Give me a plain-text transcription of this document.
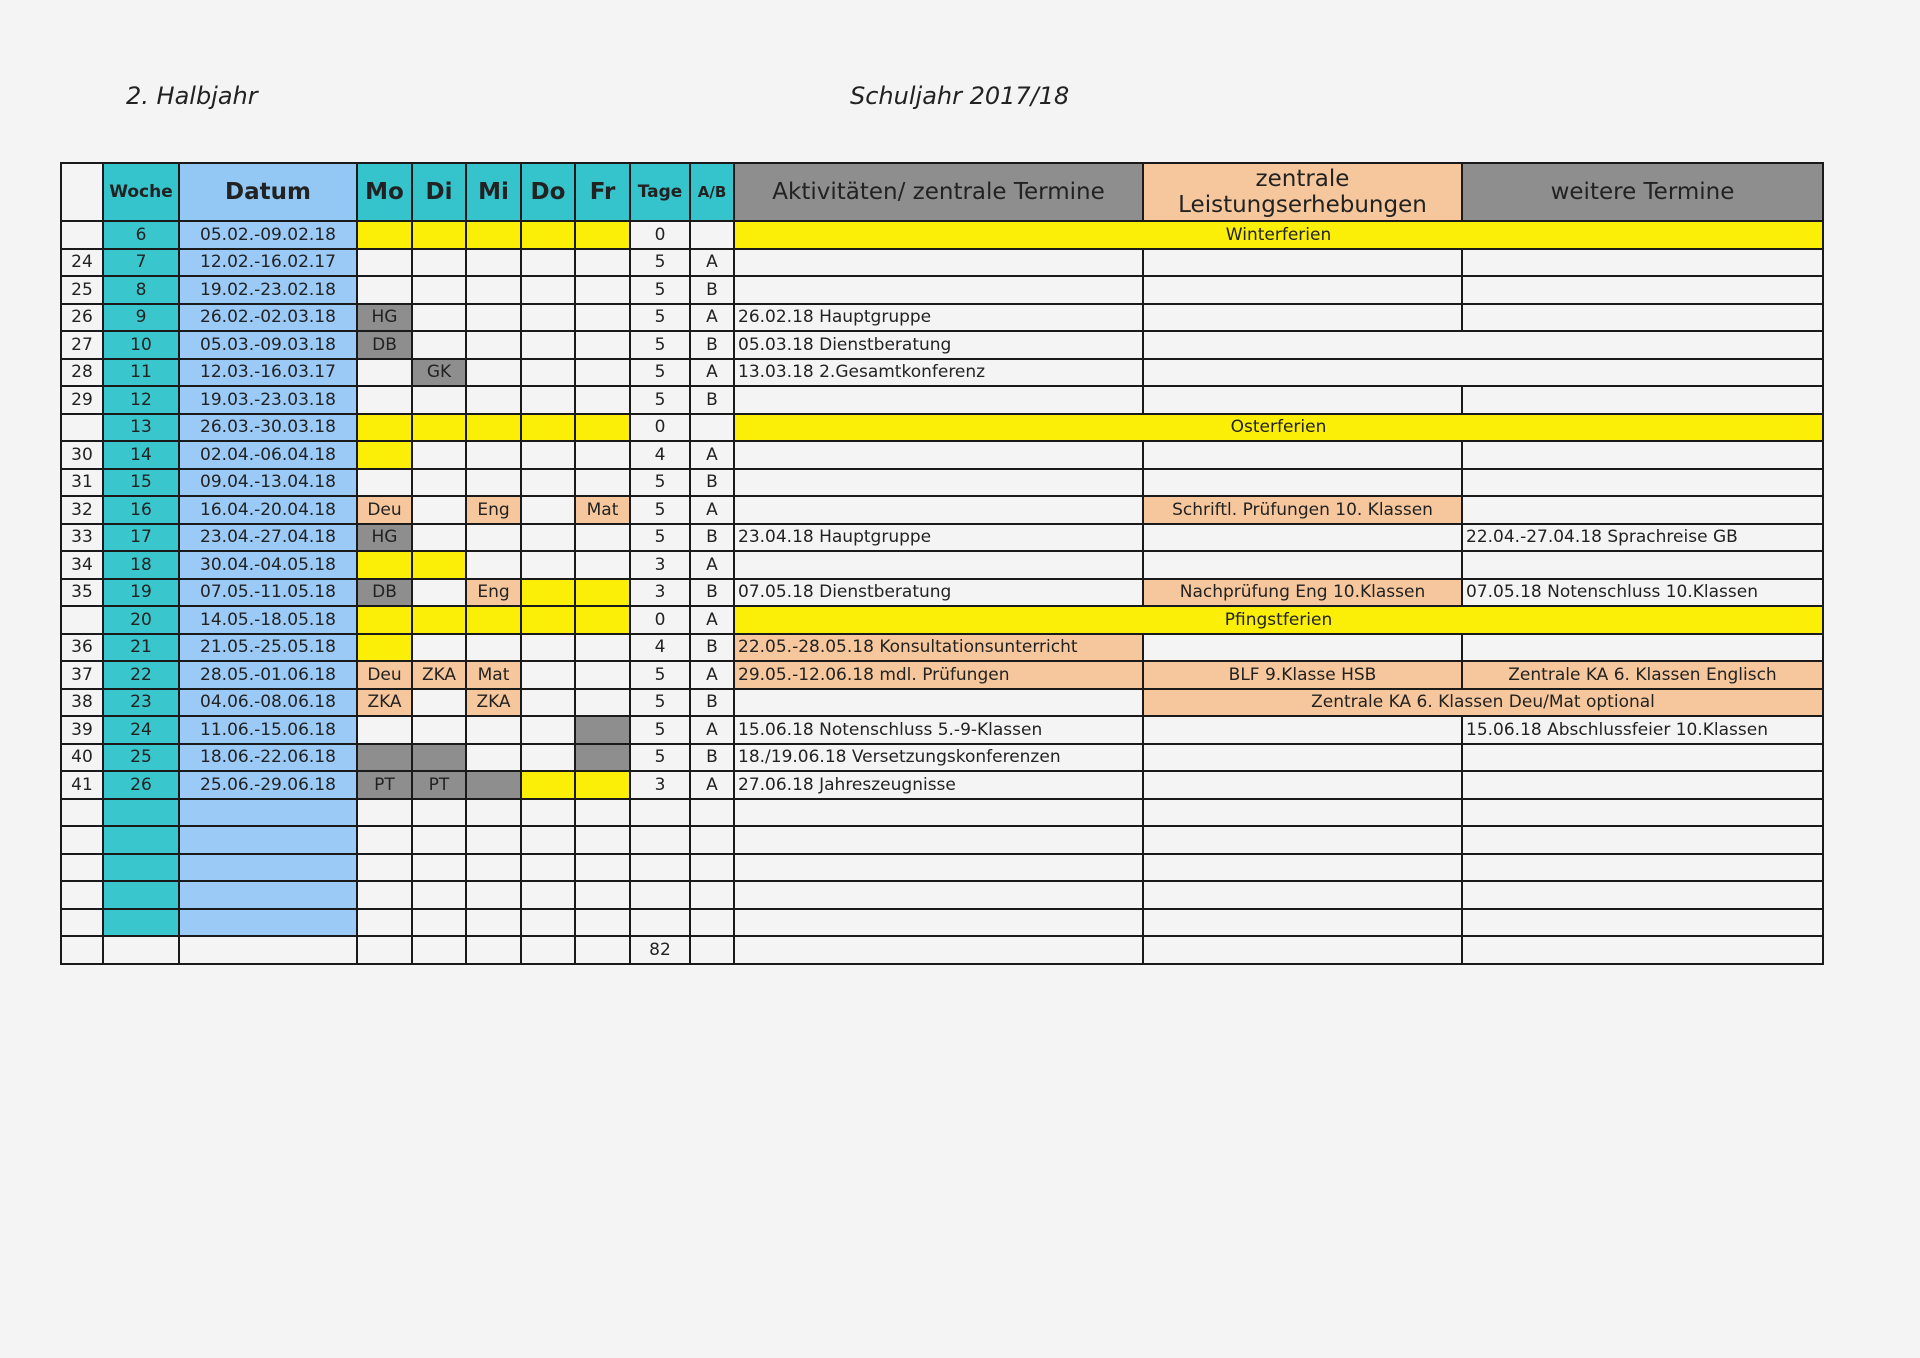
2. Halbjahr	Schuljahr 2017/18
	Woche	Datum	Mo	Di	Mi	Do	Fr	Tage	A/B	Aktivitäten/ zentrale Termine	zentrale
Leistungserhebungen	weitere Termine
	6	05.02.-09.02.18						0		Winterferien		
24	7	12.02.-16.02.17						5	A			
25	8	19.02.-23.02.18						5	B			
26	9	26.02.-02.03.18	HG					5	A	26.02.18 Hauptgruppe		
27	10	05.03.-09.03.18	DB					5	B	05.03.18 Dienstberatung		
28	11	12.03.-16.03.17		GK				5	A	13.03.18 2.Gesamtkonferenz		
29	12	19.03.-23.03.18						5	B			
	13	26.03.-30.03.18						0		Osterferien		
30	14	02.04.-06.04.18						4	A			
31	15	09.04.-13.04.18						5	B			
32	16	16.04.-20.04.18	Deu		Eng		Mat	5	A		Schriftl. Prüfungen 10. Klassen	
33	17	23.04.-27.04.18	HG					5	B	23.04.18 Hauptgruppe		22.04.-27.04.18 Sprachreise GB
34	18	30.04.-04.05.18						3	A			
35	19	07.05.-11.05.18	DB		Eng			3	B	07.05.18 Dienstberatung	Nachprüfung Eng 10.Klassen	07.05.18 Notenschluss 10.Klassen
	20	14.05.-18.05.18						0	A	Pfingstferien		
36	21	21.05.-25.05.18						4	B	22.05.-28.05.18 Konsultationsunterricht		
37	22	28.05.-01.06.18	Deu	ZKA	Mat			5	A	29.05.-12.06.18 mdl. Prüfungen	BLF 9.Klasse HSB	Zentrale KA 6. Klassen Englisch
38	23	04.06.-08.06.18	ZKA		ZKA			5	B		Zentrale KA 6. Klassen Deu/Mat optional	
39	24	11.06.-15.06.18						5	A	15.06.18 Notenschluss 5.-9-Klassen		15.06.18 Abschlussfeier 10.Klassen
40	25	18.06.-22.06.18						5	B	18./19.06.18 Versetzungskonferenzen		
41	26	25.06.-29.06.18	PT	PT				3	A	27.06.18 Jahreszeugnisse		

								82				
